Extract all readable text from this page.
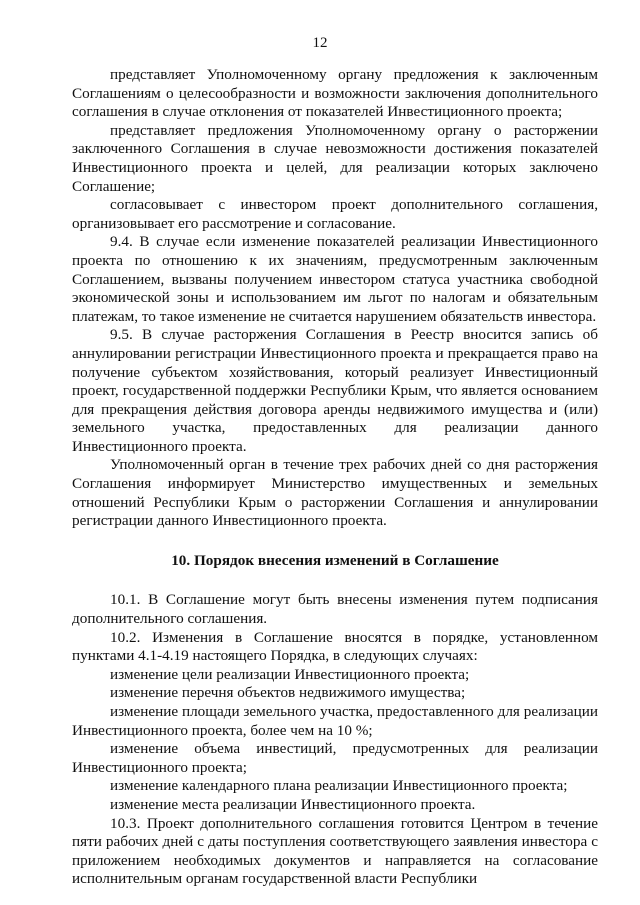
12

представляет Уполномоченному органу предложения к заключенным Соглашениям о целесообразности и возможности заключения дополнительного соглашения в случае отклонения от показателей Инвестиционного проекта;

представляет предложения Уполномоченному органу о расторжении заключенного Соглашения в случае невозможности достижения показателей Инвестиционного проекта и целей, для реализации которых заключено Соглашение;

согласовывает с инвестором проект дополнительного соглашения, организовывает его рассмотрение и согласование.

9.4. В случае если изменение показателей реализации Инвестиционного проекта по отношению к их значениям, предусмотренным заключенным Соглашением, вызваны получением инвестором статуса участника свободной экономической зоны и использованием им льгот по налогам и обязательным платежам, то такое изменение не считается нарушением обязательств инвестора.

9.5. В случае расторжения Соглашения в Реестр вносится запись об аннулировании регистрации Инвестиционного проекта и прекращается право на получение субъектом хозяйствования, который реализует Инвестиционный проект, государственной поддержки Республики Крым, что является основанием для прекращения действия договора аренды недвижимого имущества и (или) земельного участка, предоставленных для реализации данного Инвестиционного проекта.

Уполномоченный орган в течение трех рабочих дней со дня расторжения Соглашения информирует Министерство имущественных и земельных отношений Республики Крым о расторжении Соглашения и аннулировании регистрации данного Инвестиционного проекта.

10. Порядок внесения изменений в Соглашение

10.1. В Соглашение могут быть внесены изменения путем подписания дополнительного соглашения.

10.2. Изменения в Соглашение вносятся в порядке, установленном пунктами 4.1-4.19 настоящего Порядка, в следующих случаях:

изменение цели реализации Инвестиционного проекта;

изменение перечня объектов недвижимого имущества;

изменение площади земельного участка, предоставленного для реализации Инвестиционного проекта, более чем на 10 %;

изменение объема инвестиций, предусмотренных для реализации Инвестиционного проекта;

изменение календарного плана реализации Инвестиционного проекта;

изменение места реализации Инвестиционного проекта.

10.3. Проект дополнительного соглашения готовится Центром в течение пяти рабочих дней с даты поступления соответствующего заявления инвестора с приложением необходимых документов и направляется на согласование исполнительным органам государственной власти Республики
